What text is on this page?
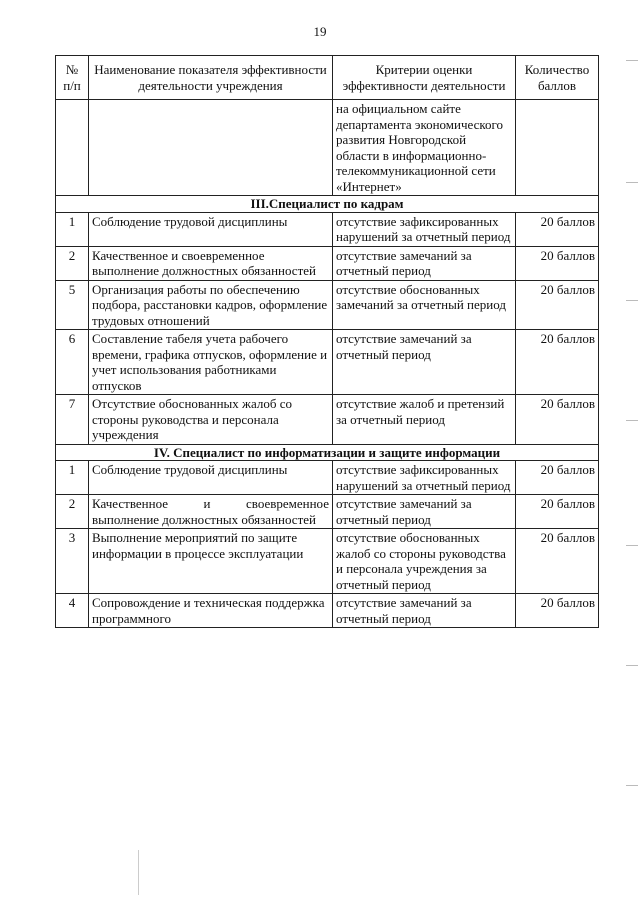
19
№ п/п	Наименование показателя эффективности деятельности учреждения	Критерии оценки эффективности деятельности	Количество баллов
		на официальном сайте департамента экономического развития Новгородской области в информационно-телекоммуникационной сети «Интернет»	
III.Специалист по кадрам			
1	Соблюдение трудовой дисциплины	отсутствие зафиксированных нарушений за отчетный период	20 баллов
2	Качественное и своевременное выполнение должностных обязанностей	отсутствие замечаний за отчетный период	20 баллов
5	Организация работы по обеспечению подбора, расстановки кадров, оформление трудовых отношений	отсутствие обоснованных замечаний за отчетный период	20 баллов
6	Составление табеля учета рабочего времени, графика отпусков, оформление и учет использования работниками отпусков	отсутствие замечаний за отчетный период	20 баллов
7	Отсутствие обоснованных жалоб со стороны руководства и персонала учреждения	отсутствие жалоб и претензий за отчетный период	20 баллов
IV. Специалист по информатизации и защите информации			
1	Соблюдение трудовой дисциплины	отсутствие зафиксированных нарушений за отчетный период	20 баллов
2	Качественное и своевременное выполнение должностных обязанностей	отсутствие замечаний за отчетный период	20 баллов
3	Выполнение мероприятий по защите информации в процессе эксплуатации	отсутствие обоснованных жалоб со стороны руководства и персонала учреждения за отчетный период	20 баллов
4	Сопровождение и техническая поддержка программного	отсутствие замечаний за отчетный период	20 баллов
